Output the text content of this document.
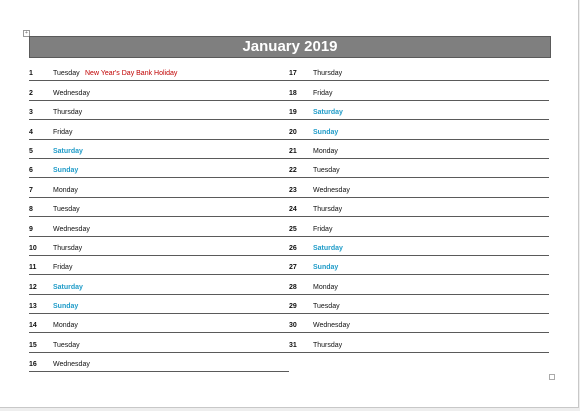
+
January 2019
1	Tuesday New Year's Day Bank Holiday
2	Wednesday
3	Thursday
4	Friday
5	Saturday
6	Sunday
7	Monday
8	Tuesday
9	Wednesday
10 Thursday
11 Friday
12 Saturday
13 Sunday
14 Monday
15 Tuesday
16 Wednesday
17 Thursday
18 Friday
19 Saturday
20 Sunday
21 Monday
22 Tuesday
23 Wednesday
24 Thursday
25 Friday
26 Saturday
27 Sunday
28 Monday
29 Tuesday
30 Wednesday
31 Thursday
